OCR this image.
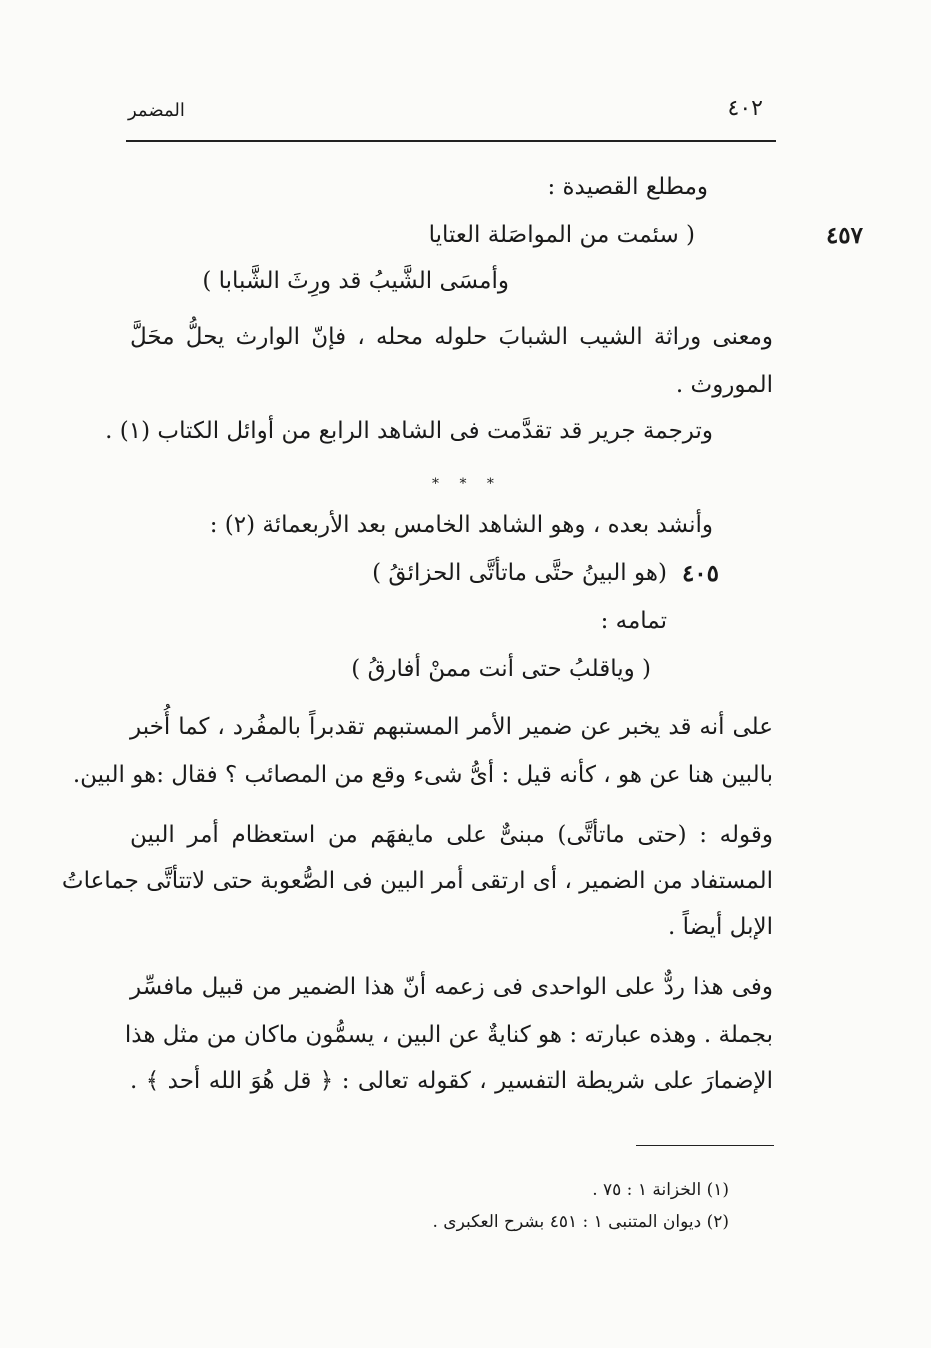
٤٠٢
المضمر
ومطلع القصيدة :
٤٥٧
( سئمت من المواصَلة العتايا
وأمسَى الشَّيبُ قد ورِثَ الشَّبابا )
ومعنى وراثة الشيب الشبابَ حلوله محله ، فإنّ الوارث يحلُّ محَلَّ
الموروث .
وترجمة جرير قد تقدَّمت فى الشاهد الرابع من أوائل الكتاب (١) .
* * *
وأنشد بعده ، وهو الشاهد الخامس بعد الأربعمائة (٢) :
٤٠٥
(هو البينُ حتَّى ماتأتَّى الحزائقُ )
تمامه :
( وياقلبُ حتى أنت ممنْ أفارقُ )
على أنه قد يخبر عن ضمير الأمر المستبهم تقدبراً بالمفُرد ، كما أُخبر
بالبين هنا عن هو ، كأنه قيل : أىُّ شىء وقع من المصائب ؟ فقال :هو البين.
وقوله : (حتى ماتأتَّى) مبنىٌّ على مايفهَم من استعظام أمر البين
المستفاد من الضمير ، أى ارتقى أمر البين فى الصُّعوبة حتى لاتتأتَّى جماعاتُ
الإبل أيضاً .
وفى هذا ردٌّ على الواحدى فى زعمه أنّ هذا الضمير من قبيل مافسِّر
بجملة . وهذه عبارته : هو كنايةٌ عن البين ، يسمُّون ماكان من مثل هذا
الإضمارَ على شريطة التفسير ، كقوله تعالى : ﴿ قل هُوَ الله أحد ﴾ .
(١) الخزانة ١ : ٧٥ .
(٢) ديوان المتنبى ١ : ٤٥١ بشرح العكبرى .
